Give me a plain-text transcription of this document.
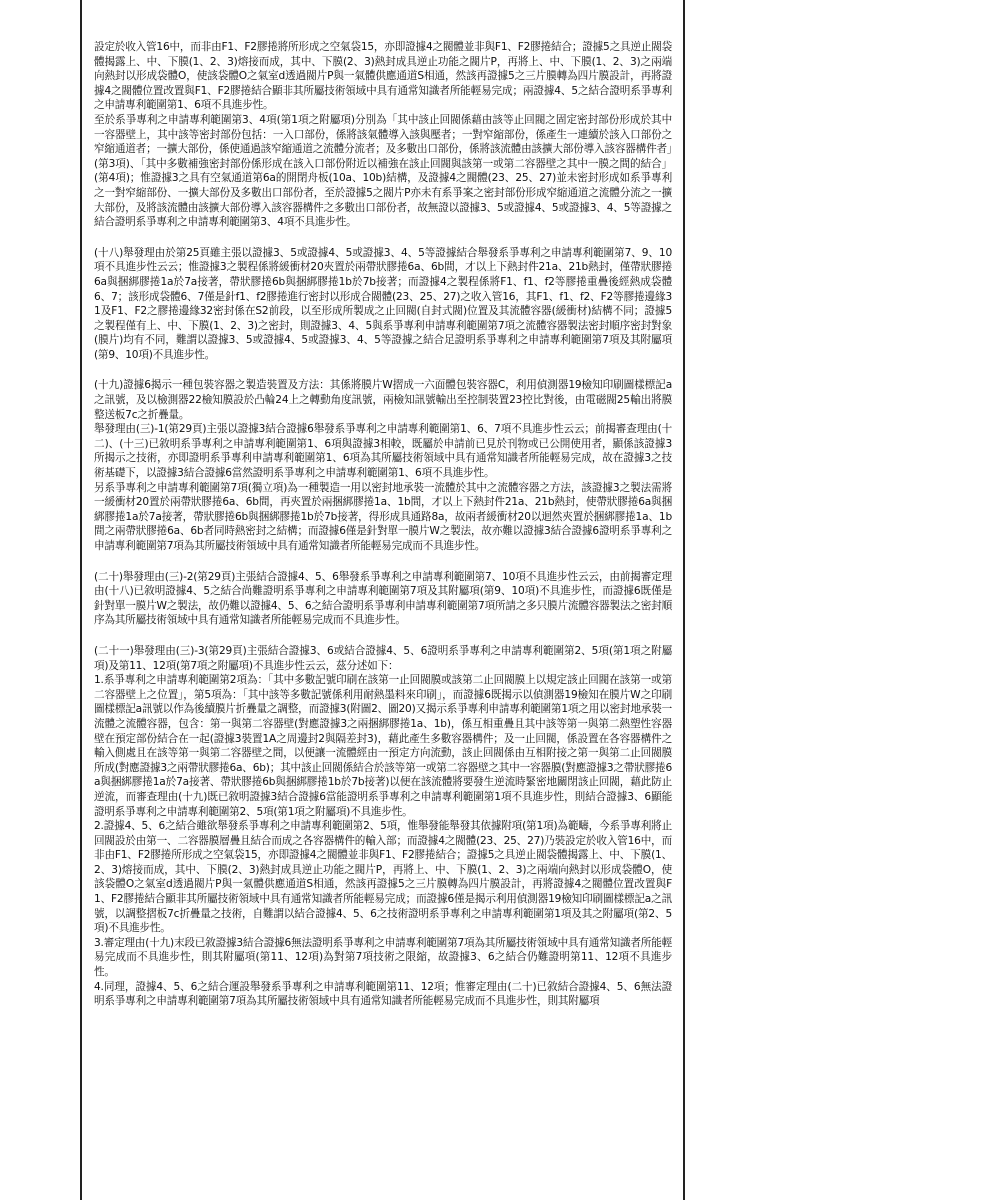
設定於收入管16中，而非由F1、F2膠捲將所形成之空氣袋15，亦即證據4之閥體並非與F1、F2膠捲結合；證據5之具逆止閥袋體揭露上、中、下膜(1、2、3)熔接而成，其中、下膜(2、3)熱封成具逆止功能之閥片P，再將上、中、下膜(1、2、3)之兩端向熱封以形成袋體O，使該袋體O之氣室d透過閥片P與一氣體供應通道S相通，然該再證據5之三片膜轉為四片膜設計，再將證據4之閥體位置改置與F1、F2膠捲結合顯非其所屬技術領域中具有通常知識者所能輕易完成；兩證據4、5之結合證明系爭專利之申請專利範圍第1、6項不具進步性。

至於系爭專利之申請專利範圍第3、4項(第1項之附屬項)分別為「其中該止回閥係藉由該等止回閥之固定密封部份形成於其中一容器壁上，其中該等密封部份包括：一入口部份，係將該氣體導入該與壓者；一對窄縮部份，係產生一連續於該入口部份之窄縮通道者；一擴大部份，係使通過該窄縮通道之流體分流者；及多數出口部份，係將該流體由該擴大部份導入該容器構件者」(第3項)、「其中多數補強密封部份係形成在該入口部份附近以補強在該止回閥與該第一或第二容器壁之其中一膜之間的結合」(第4項)；惟證據3之具有空氣通道第6a的開閉舟板(10a、10b)結構，及證據4之閥體(23、25、27)並未密封形成如系爭專利之一對窄縮部份、一擴大部份及多數出口部份者，至於證據5之閥片P亦未有系爭案之密封部份形成窄縮通道之流體分流之一擴大部份，及將該流體由該擴大部份導入該容器構件之多數出口部份者，故無證以證據3、5或證據4、5或證據3、4、5等證據之結合證明系爭專利之申請專利範圍第3、4項不具進步性。

(十八)舉發理由於第25頁雖主張以證據3、5或證據4、5或證據3、4、5等證據結合舉發系爭專利之申請專利範圍第7、9、10項不具進步性云云；惟證據3之製程係將緩衝材20夾置於兩帶狀膠捲6a、6b間，才以上下熱封件21a、21b熱封，僅帶狀膠捲6a與捆綁膠捲1a於7a接著，帶狀膠捲6b與捆綁膠捲1b於7b接著；而證據4之製程係將F1、f1、f2等膠捲重疊後經熱成袋體6、7；該形成袋體6、7僅是針f1、f2膠捲進行密封以形成合閥體(23、25、27)之收入管16，其F1、f1、f2、F2等膠捲邊緣31及F1、F2之膠捲邊緣32密封係在S2前段，以至形成所製成之止回閥(自封式閥)位置及其流體容器(緩衝材)結構不同；證據5之製程僅有上、中、下膜(1、2、3)之密封，則證據3、4、5與系爭專利申請專利範圍第7項之流體容器製法密封順序密封對象(膜片)均有不同，難謂以證據3、5或證據4、5或證據3、4、5等證據之結合足證明系爭專利之申請專利範圍第7項及其附屬項(第9、10項)不具進步性。

(十九)證據6揭示一種包裝容器之製造裝置及方法：其係將膜片W摺成一六面體包裝容器C，利用偵測器19檢知印刷圖樣標記a之訊號，及以檢測器22檢知膜設於凸輪24上之轉動角度訊號，兩檢知訊號輸出至控制裝置23控比對後，由電磁閥25輸出將膜整送板7c之折疊量。

舉發理由(三)-1(第29頁)主張以證據3結合證據6舉發系爭專利之申請專利範圍第1、6、7項不具進步性云云；前揭審查理由(十二)、(十三)已敘明系爭專利之申請專利範圍第1、6項與證據3相較，既屬於申請前已見於刊物或已公開使用者，顯係該證據3所揭示之技術，亦即證明系爭專利申請專利範圍第1、6項為其所屬技術領域中具有通常知識者所能輕易完成，故在證據3之技術基礎下，以證據3結合證據6當然證明系爭專利之申請專利範圍第1、6項不具進步性。

另系爭專利之申請專利範圍第7項(獨立項)為一種製造一用以密封地承裝一流體於其中之流體容器之方法，該證據3之製法需將一緩衝材20置於兩帶狀膠捲6a、6b間，再夾置於兩捆綁膠捲1a、1b間，才以上下熱封件21a、21b熱封，使帶狀膠捲6a與捆綁膠捲1a於7a接著，帶狀膠捲6b與捆綁膠捲1b於7b接著，得形成具通路8a，故兩者緩衝材20以迴然夾置於捆綁膠捲1a、1b間之兩帶狀膠捲6a、6b者同時熱密封之結構；而證據6僅是針對單一膜片W之製法，故亦難以證據3結合證據6證明系爭專利之申請專利範圍第7項為其所屬技術領域中具有通常知識者所能輕易完成而不具進步性。

(二十)舉發理由(三)-2(第29頁)主張結合證據4、5、6舉發系爭專利之申請專利範圍第7、10項不具進步性云云，由前揭審定理由(十八)已敘明證據4、5之結合尚難證明系爭專利之申請專利範圍第7項及其附屬項(第9、10項)不具進步性，而證據6既僅是針對單一膜片W之製法，故仍難以證據4、5、6之結合證明系爭專利申請專利範圍第7項所請之多只膜片流體容器製法之密封順序為其所屬技術領域中具有通常知識者所能輕易完成而不具進步性。

(二十一)舉發理由(三)-3(第29頁)主張結合證據3、6或結合證據4、5、6證明系爭專利之申請專利範圍第2、5項(第1項之附屬項)及第11、12項(第7項之附屬項)不具進步性云云，茲分述如下：

1.系爭專利之申請專利範圍第2項為：「其中多數記號印刷在該第一止回閥膜或該第二止回閥膜上以規定該止回閥在該第一或第二容器壁上之位置」，第5項為：「其中該等多數記號係利用耐熱墨料來印刷」，而證據6既揭示以偵測器19檢知在膜片W之印刷圖樣標記a訊號以作為後續膜片折疊量之調整，而證據3(附圖2、圖20)又揭示系爭專利申請專利範圍第1項之用以密封地承裝一流體之流體容器，包含：第一與第二容器壁(對應證據3之兩捆綁膠捲1a、1b)，係互相重疊且其中該等第一與第二熱塑性容器壁在預定部份結合在一起(證據3裝置1A之周邊封2與隔差封3)，藉此產生多數容器構件；及一止回閥，係設置在各容器構件之輸入側處且在該等第一與第二容器壁之間，以便讓一流體經由一預定方向流動，該止回閥係由互相附接之第一與第二止回閥膜所成(對應證據3之兩帶狀膠捲6a、6b)；其中該止回閥係結合於該等第一或第二容器壁之其中一容器膜(對應證據3之帶狀膠捲6a與捆綁膠捲1a於7a接著、帶狀膠捲6b與捆綁膠捲1b於7b接著)以便在該流體將要發生逆流時緊密地關閉該止回閥，藉此防止逆流，而審查理由(十九)既已敘明證據3結合證據6當能證明系爭專利之申請專利範圍第1項不具進步性，則結合證據3、6顯能證明系爭專利之申請專利範圍第2、5項(第1項之附屬項)不具進步性。

2.證據4、5、6之結合雖欲舉發系爭專利之申請專利範圍第2、5項，惟舉發能舉發其依據附項(第1項)為範疇，今系爭專利將止回閥設於由第一、二容器膜層疊且結合而成之各容器構件的輸入部；而證據4之閥體(23、25、27)乃裝設定於收入管16中，而非由F1、F2膠捲所形成之空氣袋15，亦即證據4之閥體並非與F1、F2膠捲結合；證據5之具逆止閥袋體揭露上、中、下膜(1、2、3)熔接而成，其中、下膜(2、3)熱封成具逆止功能之閥片P，再將上、中、下膜(1、2、3)之兩端向熱封以形成袋體O，使該袋體O之氣室d透過閥片P與一氣體供應通道S相通，然該再證據5之三片膜轉為四片膜設計，再將證據4之閥體位置改置與F1、F2膠捲結合顯非其所屬技術領域中具有通常知識者所能輕易完成；而證據6僅是揭示利用偵測器19檢知印刷圖樣標記a之訊號，以調整摺板7c折疊量之技術，自難謂以結合證據4、5、6之技術證明系爭專利之申請專利範圍第1項及其之附屬項(第2、5項)不具進步性。

3.審定理由(十九)末段已敘證據3結合證據6無法證明系爭專利之申請專利範圍第7項為其所屬技術領域中具有通常知識者所能輕易完成而不具進步性，則其附屬項(第11、12項)為對第7項技術之限縮，故證據3、6之結合仍難證明第11、12項不具進步性。

4.同理，證據4、5、6之結合運設舉發系爭專利之申請專利範圍第11、12項；惟審定理由(二十)已敘結合證據4、5、6無法證明系爭專利之申請專利範圍第7項為其所屬技術領域中具有通常知識者所能輕易完成而不具進步性，則其附屬項
